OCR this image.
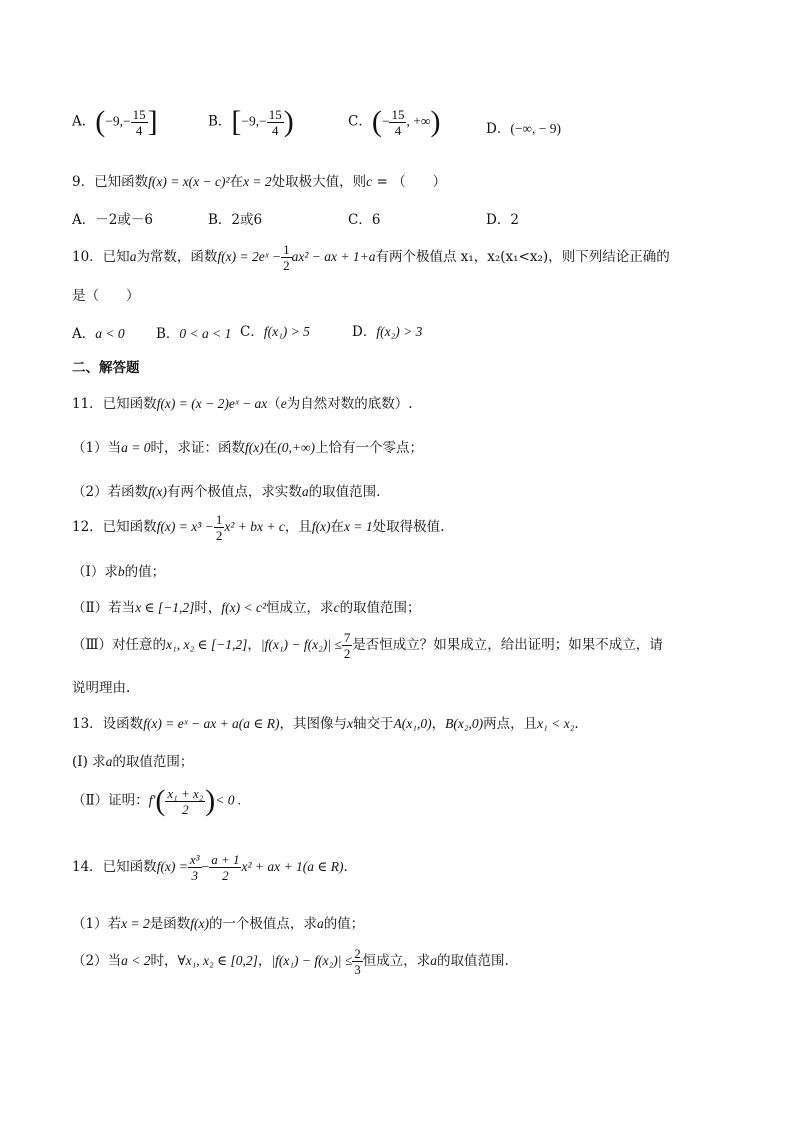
A．($-9,- \frac{15}{4}$ ]	B．[$-9,- \frac{15}{4}$ )	C．(− $\frac{15}{4}$ , +∞)	D．(−∞, − 9)
9．已知函数f(x) = x(x − c)²在x = 2处取极大值，则c = （　　）
A．－2或－6	B．2或6	C．6	D．2
10．已知a为常数，函数f(x) = 2eˣ − $\frac{1}{2} ax^2$ − ax + 1+a有两个极值点 x₁，x₂(x₁<x₂)，则下列结论正确的
是（　　）
A．a < 0 B．0 < a < 1 C．f(x₁) > 5	D．f(x₂) > 3
二、解答题
11．已知函数f(x) = (x − 2)eˣ − ax（e为自然对数的底数）.
（1）当a = 0时，求证：函数f(x)在(0,+∞)上恰有一个零点；
（2）若函数f(x)有两个极值点，求实数a的取值范围.
12．已知函数$f(x) = x^3 - \frac{1}{2} x^2$ + bx + c，且f(x)在x = 1处取得极值.
（Ⅰ）求b的值；
（Ⅱ）若当x ∈ [−1,2]时，f(x) < c²恒成立，求c的取值范围；
（Ⅲ）对任意的x₁, x₂ ∈ [−1,2]，$|f(x_1) - f(x_2)| \le \frac{7}{2}$ 是否恒成立？如果成立，给出证明；如果不成立，请
说明理由.
13．设函数f(x) = eˣ − ax + a(a ∈ R)，其图像与x轴交于A(x₁,0)，B(x₂,0)两点，且x₁ < x₂.
(I) 求a的取值范围；
（Ⅱ）证明：$f'( \frac{\text{x₁ + x₂}}{2}$ )< 0 .
14．已知函数$f(x) = \frac{\text{x³}}{3} - \frac{a + 1}{2} x^2$ + ax + 1(a ∈ R).
（1）若x = 2是函数f(x)的一个极值点，求a的值；
（2）当a < 2时，∀x₁, x₂ ∈ [0,2]，$|f(x_1) - f(x_2)| \le \frac{2}{3}$ 恒成立，求a的取值范围.
